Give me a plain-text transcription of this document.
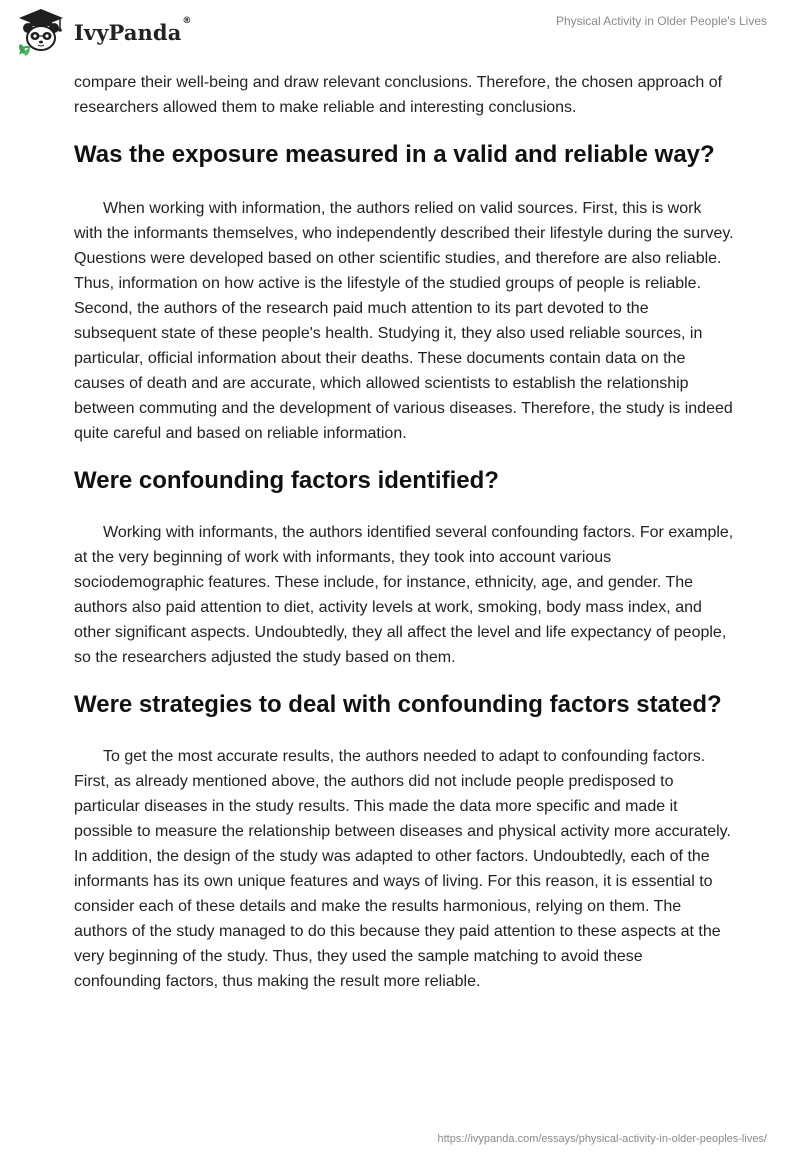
IvyPanda®	Physical Activity in Older People's Lives

compare their well-being and draw relevant conclusions. Therefore, the chosen approach of researchers allowed them to make reliable and interesting conclusions.

Was the exposure measured in a valid and reliable way?

When working with information, the authors relied on valid sources. First, this is work with the informants themselves, who independently described their lifestyle during the survey. Questions were developed based on other scientific studies, and therefore are also reliable. Thus, information on how active is the lifestyle of the studied groups of people is reliable. Second, the authors of the research paid much attention to its part devoted to the subsequent state of these people's health. Studying it, they also used reliable sources, in particular, official information about their deaths. These documents contain data on the causes of death and are accurate, which allowed scientists to establish the relationship between commuting and the development of various diseases. Therefore, the study is indeed quite careful and based on reliable information.

Were confounding factors identified?

Working with informants, the authors identified several confounding factors. For example, at the very beginning of work with informants, they took into account various sociodemographic features. These include, for instance, ethnicity, age, and gender. The authors also paid attention to diet, activity levels at work, smoking, body mass index, and other significant aspects. Undoubtedly, they all affect the level and life expectancy of people, so the researchers adjusted the study based on them.

Were strategies to deal with confounding factors stated?

To get the most accurate results, the authors needed to adapt to confounding factors. First, as already mentioned above, the authors did not include people predisposed to particular diseases in the study results. This made the data more specific and made it possible to measure the relationship between diseases and physical activity more accurately. In addition, the design of the study was adapted to other factors. Undoubtedly, each of the informants has its own unique features and ways of living. For this reason, it is essential to consider each of these details and make the results harmonious, relying on them. The authors of the study managed to do this because they paid attention to these aspects at the very beginning of the study. Thus, they used the sample matching to avoid these confounding factors, thus making the result more reliable.

https://ivypanda.com/essays/physical-activity-in-older-peoples-lives/
